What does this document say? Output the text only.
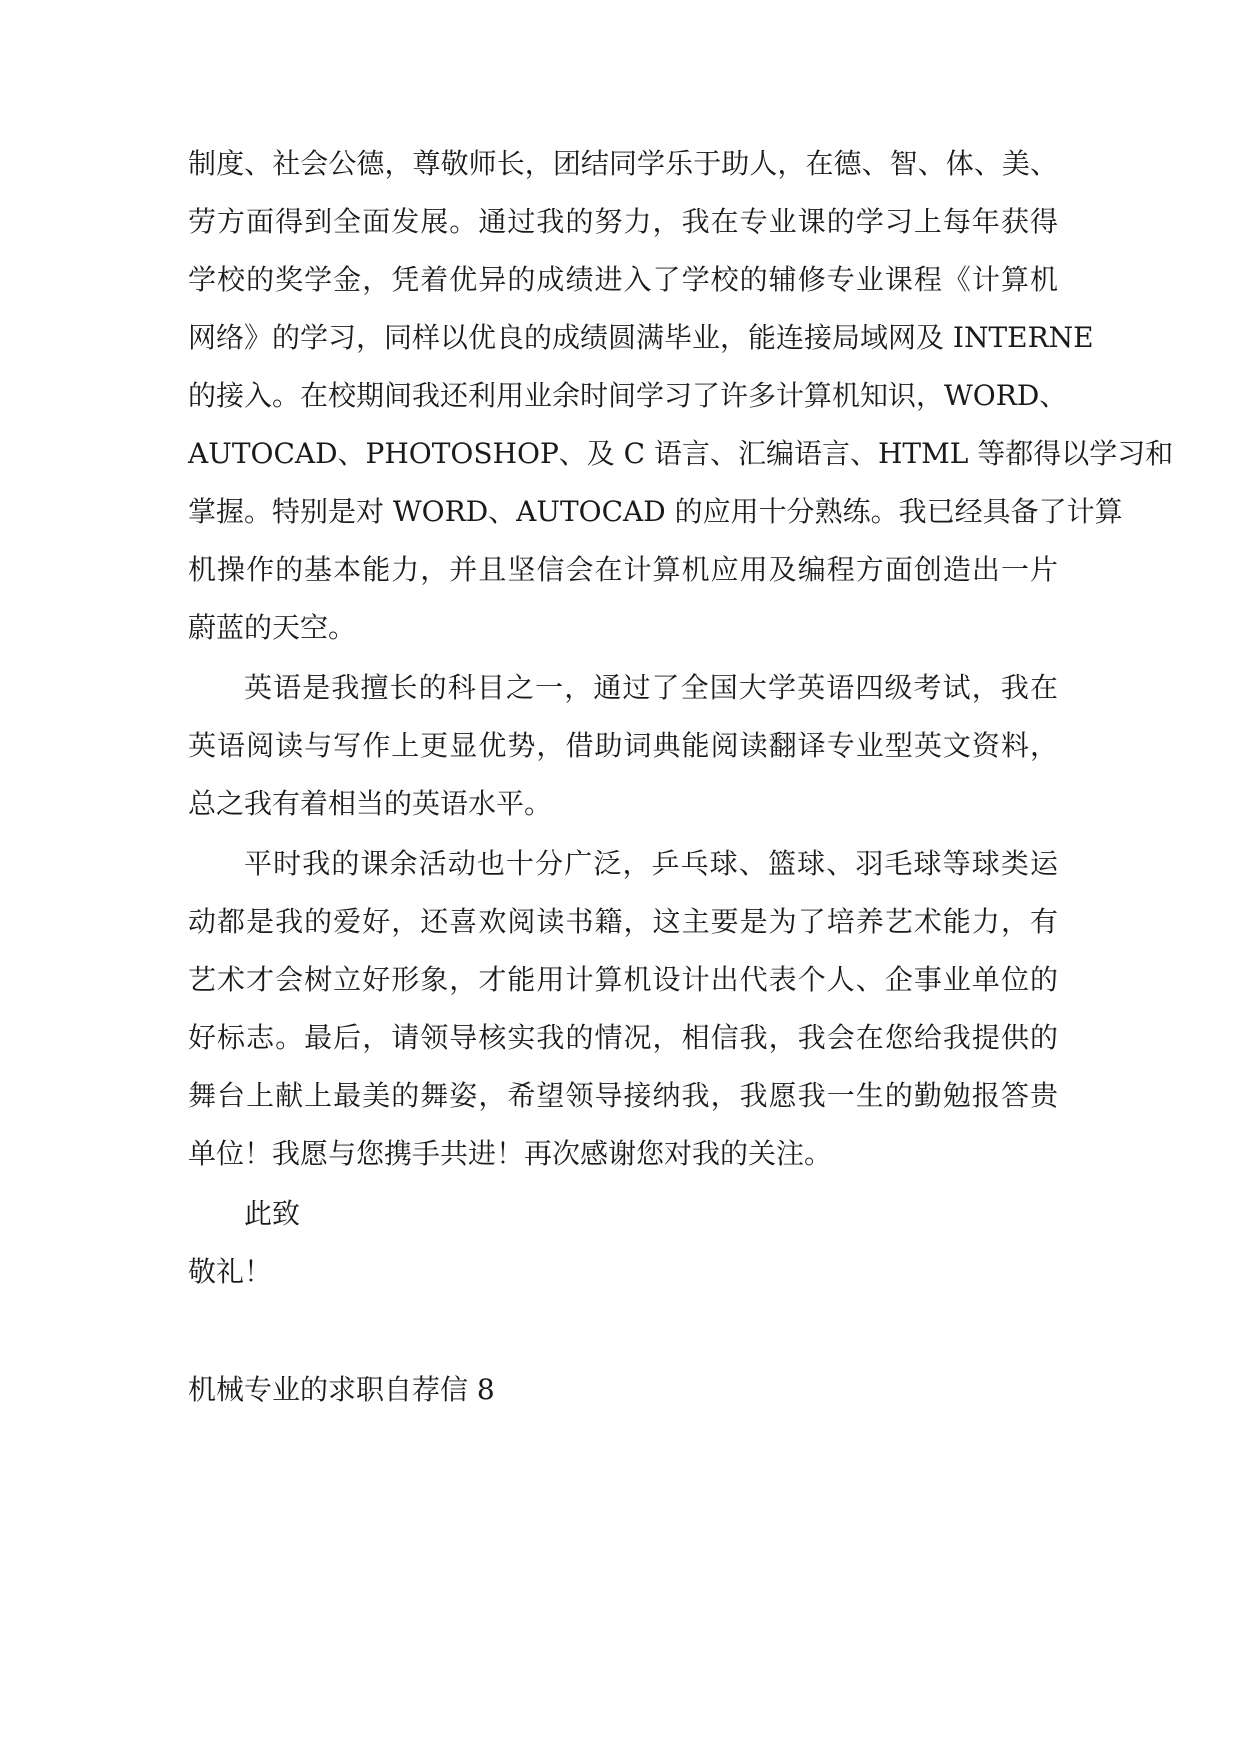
制度、社会公德，尊敬师长，团结同学乐于助人，在德、智、体、美、
劳方面得到全面发展。通过我的努力，我在专业课的学习上每年获得
学校的奖学金，凭着优异的成绩进入了学校的辅修专业课程《计算机
网络》的学习，同样以优良的成绩圆满毕业，能连接局域网及 INTERNE
的接入。在校期间我还利用业余时间学习了许多计算机知识，WORD、
AUTOCAD、PHOTOSHOP、及 C 语言、汇编语言、HTML 等都得以学习和
掌握。特别是对 WORD、AUTOCAD 的应用十分熟练。我已经具备了计算
机操作的基本能力，并且坚信会在计算机应用及编程方面创造出一片
蔚蓝的天空。
英语是我擅长的科目之一，通过了全国大学英语四级考试，我在
英语阅读与写作上更显优势，借助词典能阅读翻译专业型英文资料，
总之我有着相当的英语水平。
平时我的课余活动也十分广泛，乒乓球、篮球、羽毛球等球类运
动都是我的爱好，还喜欢阅读书籍，这主要是为了培养艺术能力，有
艺术才会树立好形象，才能用计算机设计出代表个人、企事业单位的
好标志。最后，请领导核实我的情况，相信我，我会在您给我提供的
舞台上献上最美的舞姿，希望领导接纳我，我愿我一生的勤勉报答贵
单位！我愿与您携手共进！再次感谢您对我的关注。
此致
敬礼！
机械专业的求职自荐信 8
